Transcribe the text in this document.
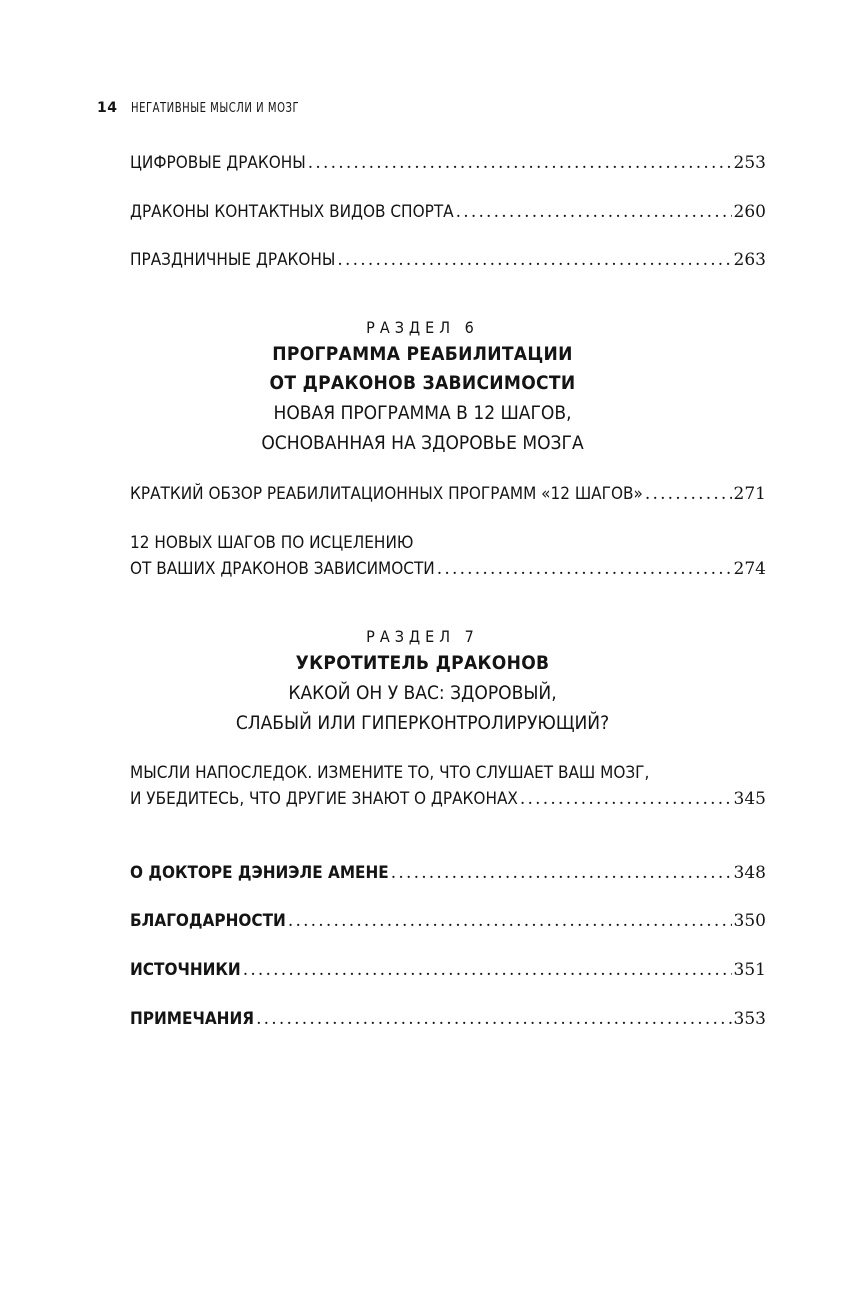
14 НЕГАТИВНЫЕ МЫСЛИ И МОЗГ
ЦИФРОВЫЕ ДРАКОНЫ . . .	253
ДРАКОНЫ КОНТАКТНЫХ ВИДОВ СПОРТА . . .	260
ПРАЗДНИЧНЫЕ ДРАКОНЫ . . .	263
РАЗДЕЛ 6
ПРОГРАММА РЕАБИЛИТАЦИИ
ОТ ДРАКОНОВ ЗАВИСИМОСТИ
НОВАЯ ПРОГРАММА В 12 ШАГОВ,
ОСНОВАННАЯ НА ЗДОРОВЬЕ МОЗГА
КРАТКИЙ ОБЗОР РЕАБИЛИТАЦИОННЫХ ПРОГРАММ «12 ШАГОВ» . . .	271
12 НОВЫХ ШАГОВ ПО ИСЦЕЛЕНИЮ
ОТ ВАШИХ ДРАКОНОВ ЗАВИСИМОСТИ . . .	274
РАЗДЕЛ 7
УКРОТИТЕЛЬ ДРАКОНОВ
КАКОЙ ОН У ВАС: ЗДОРОВЫЙ,
СЛАБЫЙ ИЛИ ГИПЕРКОНТРОЛИРУЮЩИЙ?
МЫСЛИ НАПОСЛЕДОК. ИЗМЕНИТЕ ТО, ЧТО СЛУШАЕТ ВАШ МОЗГ,
И УБЕДИТЕСЬ, ЧТО ДРУГИЕ ЗНАЮТ О ДРАКОНАХ . . .	345
О ДОКТОРЕ ДЭНИЭЛЕ АМЕНЕ . . .	348
БЛАГОДАРНОСТИ . . .	350
ИСТОЧНИКИ . . .	351
ПРИМЕЧАНИЯ . . .	353
